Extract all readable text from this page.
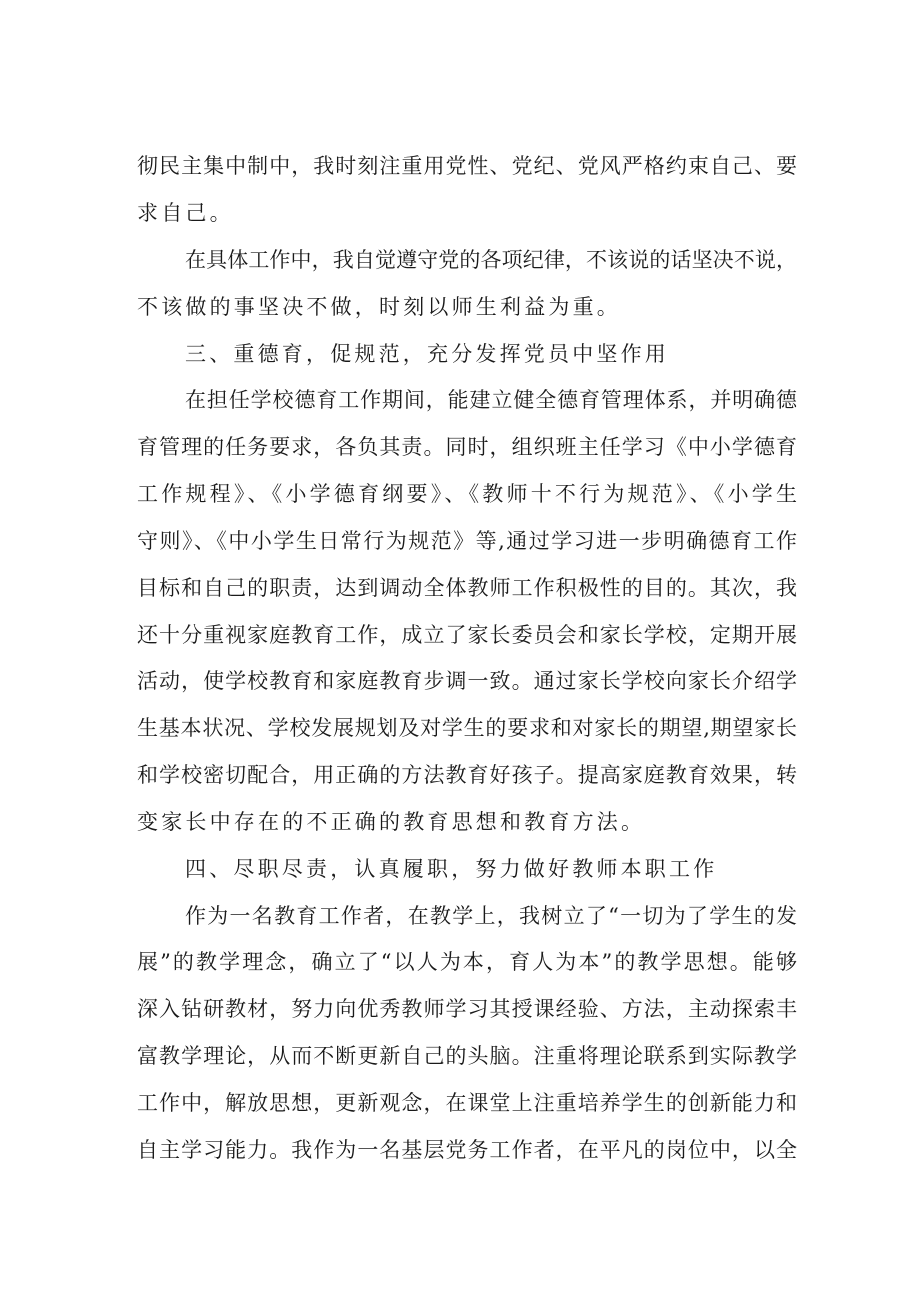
彻民主集中制中，我时刻注重用党性、党纪、党风严格约束自己、要
求自己。
在具体工作中，我自觉遵守党的各项纪律，不该说的话坚决不说，
不该做的事坚决不做，时刻以师生利益为重。
三、重德育，促规范，充分发挥党员中坚作用
在担任学校德育工作期间，能建立健全德育管理体系，并明确德
育管理的任务要求，各负其责。同时，组织班主任学习《中小学德育
工作规程》、《小学德育纲要》、《教师十不行为规范》、《小学生
守则》、《中小学生日常行为规范》等,通过学习进一步明确德育工作
目标和自己的职责，达到调动全体教师工作积极性的目的。其次，我
还十分重视家庭教育工作，成立了家长委员会和家长学校，定期开展
活动，使学校教育和家庭教育步调一致。通过家长学校向家长介绍学
生基本状况、学校发展规划及对学生的要求和对家长的期望,期望家长
和学校密切配合，用正确的方法教育好孩子。提高家庭教育效果，转
变家长中存在的不正确的教育思想和教育方法。
四、尽职尽责，认真履职，努力做好教师本职工作
作为一名教育工作者，在教学上，我树立了“一切为了学生的发
展”的教学理念，确立了“以人为本，育人为本”的教学思想。能够
深入钻研教材，努力向优秀教师学习其授课经验、方法，主动探索丰
富教学理论，从而不断更新自己的头脑。注重将理论联系到实际教学
工作中，解放思想，更新观念，在课堂上注重培养学生的创新能力和
自主学习能力。我作为一名基层党务工作者，在平凡的岗位中，以全
